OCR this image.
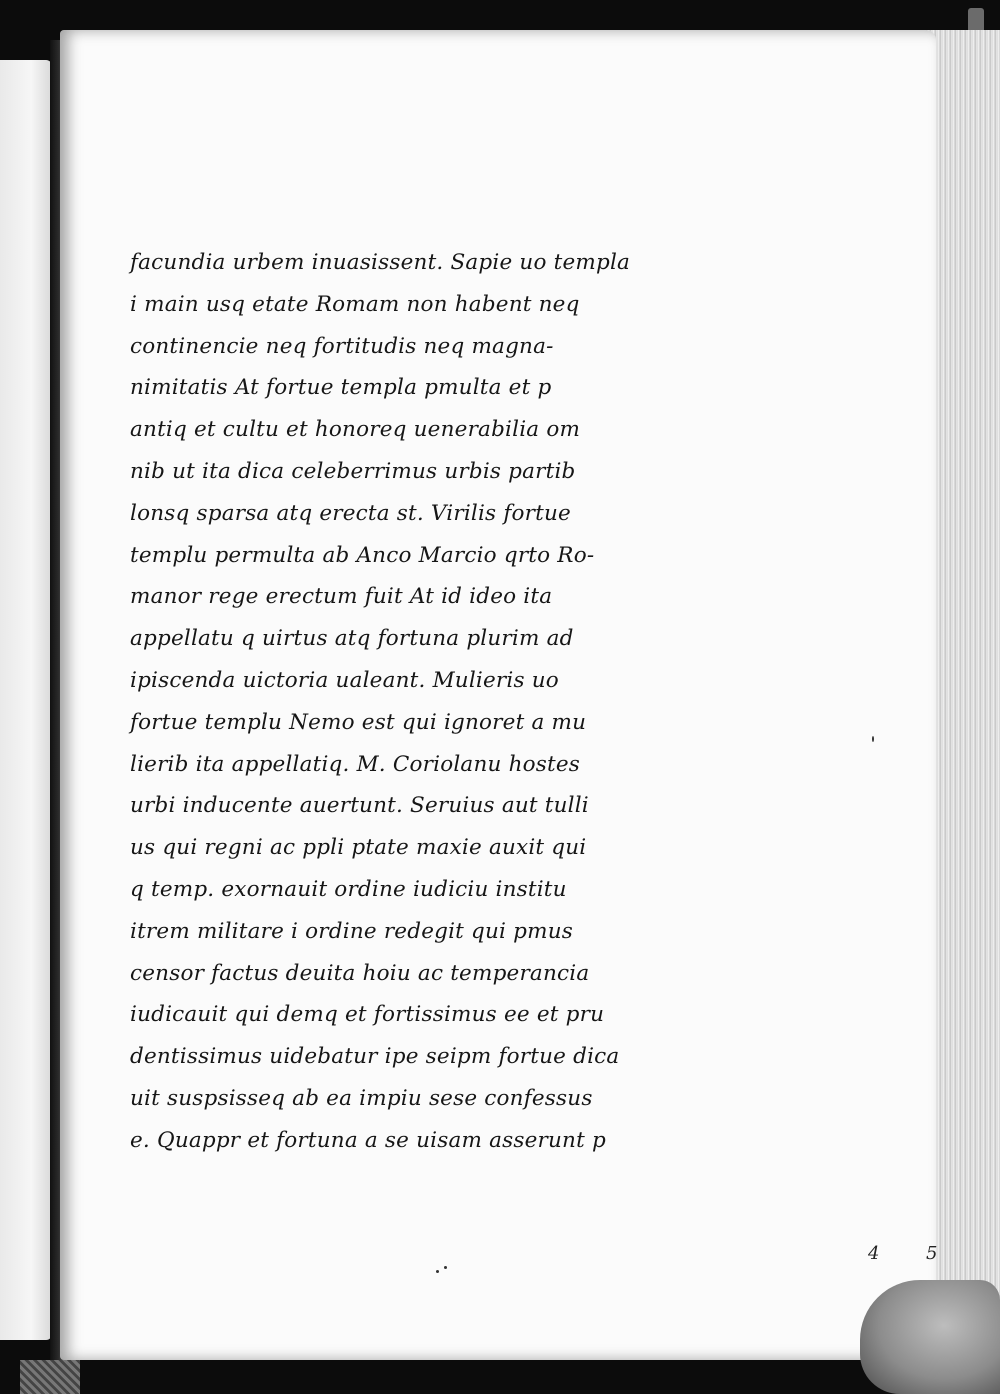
facundia urbem inuasissent. Sapie uo templa
i main usq etate Romam non habent neq
continencie neq fortitudis neq magna-
nimitatis At fortue templa pmulta et p
antiq et cultu et honoreq uenerabilia om
nib ut ita dica celeberrimus urbis partib
lonsq sparsa atq erecta st. Virilis fortue
templu permulta ab Anco Marcio qrto Ro-
manor rege erectum fuit At id ideo ita
appellatu q uirtus atq fortuna plurim ad
ipiscenda uictoria ualeant. Mulieris uo
fortue templu Nemo est qui ignoret a mu
lierib ita appellatiq. M. Coriolanu hostes
urbi inducente auertunt. Seruius aut tulli
us qui regni ac ppli ptate maxie auxit qui
q temp. exornauit ordine iudiciu institu
itrem militare i ordine redegit qui pmus
censor factus deuita hoiu ac temperancia
iudicauit qui demq et fortissimus ee et pru
dentissimus uidebatur ipe seipm fortue dica
uit suspsisseq ab ea impiu sese confessus
e. Quappr et fortuna a se uisam asserunt p
4	5
